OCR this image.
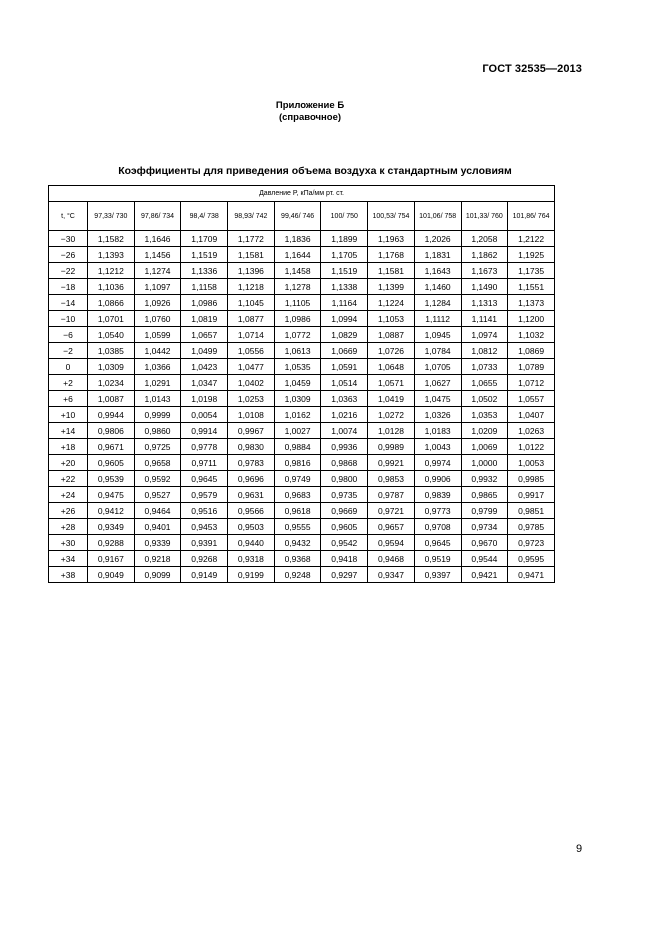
ГОСТ 32535—2013
Приложение Б
(справочное)
Коэффициенты для приведения объема воздуха к стандартным условиям
Давление P, кПа/мм рт. ст.										
t, °C	97,33/ 730	97,86/ 734	98,4/ 738	98,93/ 742	99,46/ 746	100/ 750	100,53/ 754	101,06/ 758	101,33/ 760	101,86/ 764
−30	1,1582	1,1646	1,1709	1,1772	1,1836	1,1899	1,1963	1,2026	1,2058	1,2122
−26	1,1393	1,1456	1,1519	1,1581	1,1644	1,1705	1,1768	1,1831	1,1862	1,1925
−22	1,1212	1,1274	1,1336	1,1396	1,1458	1,1519	1,1581	1,1643	1,1673	1,1735
−18	1,1036	1,1097	1,1158	1,1218	1,1278	1,1338	1,1399	1,1460	1,1490	1,1551
−14	1,0866	1,0926	1,0986	1,1045	1,1105	1,1164	1,1224	1,1284	1,1313	1,1373
−10	1,0701	1,0760	1,0819	1,0877	1,0986	1,0994	1,1053	1,1112	1,1141	1,1200
−6	1,0540	1,0599	1,0657	1,0714	1,0772	1,0829	1,0887	1,0945	1,0974	1,1032
−2	1,0385	1,0442	1,0499	1,0556	1,0613	1,0669	1,0726	1,0784	1,0812	1,0869
0	1,0309	1,0366	1,0423	1,0477	1,0535	1,0591	1,0648	1,0705	1,0733	1,0789
+2	1,0234	1,0291	1,0347	1,0402	1,0459	1,0514	1,0571	1,0627	1,0655	1,0712
+6	1,0087	1,0143	1,0198	1,0253	1,0309	1,0363	1,0419	1,0475	1,0502	1,0557
+10	0,9944	0,9999	0,0054	1,0108	1,0162	1,0216	1,0272	1,0326	1,0353	1,0407
+14	0,9806	0,9860	0,9914	0,9967	1,0027	1,0074	1,0128	1,0183	1,0209	1,0263
+18	0,9671	0,9725	0,9778	0,9830	0,9884	0,9936	0,9989	1,0043	1,0069	1,0122
+20	0,9605	0,9658	0,9711	0,9783	0,9816	0,9868	0,9921	0,9974	1,0000	1,0053
+22	0,9539	0,9592	0,9645	0,9696	0,9749	0,9800	0,9853	0,9906	0,9932	0,9985
+24	0,9475	0,9527	0,9579	0,9631	0,9683	0,9735	0,9787	0,9839	0,9865	0,9917
+26	0,9412	0,9464	0,9516	0,9566	0,9618	0,9669	0,9721	0,9773	0,9799	0,9851
+28	0,9349	0,9401	0,9453	0,9503	0,9555	0,9605	0,9657	0,9708	0,9734	0,9785
+30	0,9288	0,9339	0,9391	0,9440	0,9432	0,9542	0,9594	0,9645	0,9670	0,9723
+34	0,9167	0,9218	0,9268	0,9318	0,9368	0,9418	0,9468	0,9519	0,9544	0,9595
+38	0,9049	0,9099	0,9149	0,9199	0,9248	0,9297	0,9347	0,9397	0,9421	0,9471
9
